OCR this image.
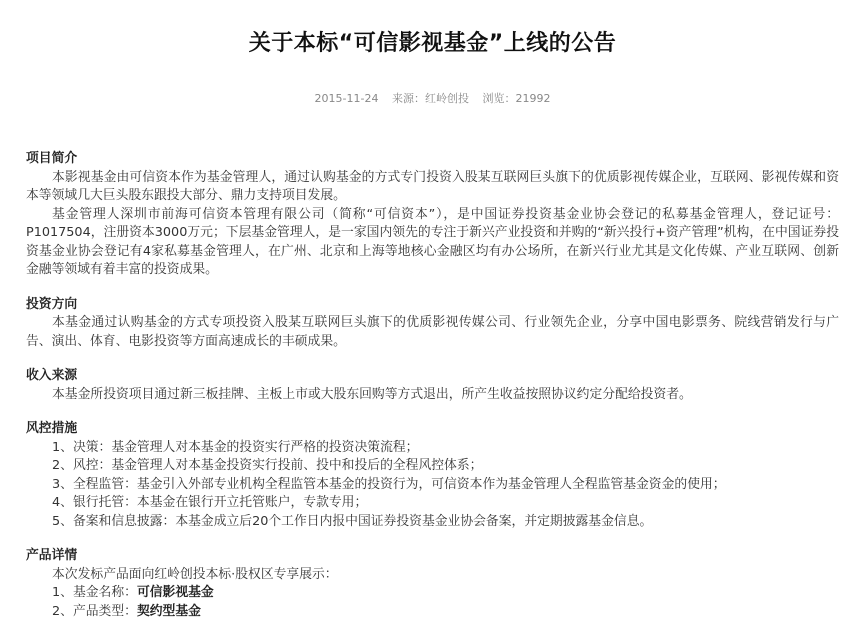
关于本标“可信影视基金”上线的公告
2015-11-24 来源：红岭创投 浏览：21992

项目简介

本影视基金由可信资本作为基金管理人，通过认购基金的方式专门投资入股某互联网巨头旗下的优质影视传媒企业，互联网、影视传媒和资本等领域几大巨头股东跟投大部分、鼎力支持项目发展。

基金管理人深圳市前海可信资本管理有限公司（简称“可信资本”），是中国证券投资基金业协会登记的私募基金管理人，登记证号：P1017504，注册资本3000万元；下层基金管理人，是一家国内领先的专注于新兴产业投资和并购的“新兴投行+资产管理”机构，在中国证券投资基金业协会登记有4家私募基金管理人，在广州、北京和上海等地核心金融区均有办公场所，在新兴行业尤其是文化传媒、产业互联网、创新金融等领域有着丰富的投资成果。

投资方向

本基金通过认购基金的方式专项投资入股某互联网巨头旗下的优质影视传媒公司、行业领先企业，分享中国电影票务、院线营销发行与广告、演出、体育、电影投资等方面高速成长的丰硕成果。

收入来源

本基金所投资项目通过新三板挂牌、主板上市或大股东回购等方式退出，所产生收益按照协议约定分配给投资者。

风控措施

1、决策：基金管理人对本基金的投资实行严格的投资决策流程；

2、风控：基金管理人对本基金投资实行投前、投中和投后的全程风控体系；

3、全程监管：基金引入外部专业机构全程监管本基金的投资行为，可信资本作为基金管理人全程监管基金资金的使用；

4、银行托管：本基金在银行开立托管账户，专款专用；

5、备案和信息披露：本基金成立后20个工作日内报中国证券投资基金业协会备案，并定期披露基金信息。

产品详情

本次发标产品面向红岭创投本标·股权区专享展示：

1、基金名称：可信影视基金

2、产品类型：契约型基金
